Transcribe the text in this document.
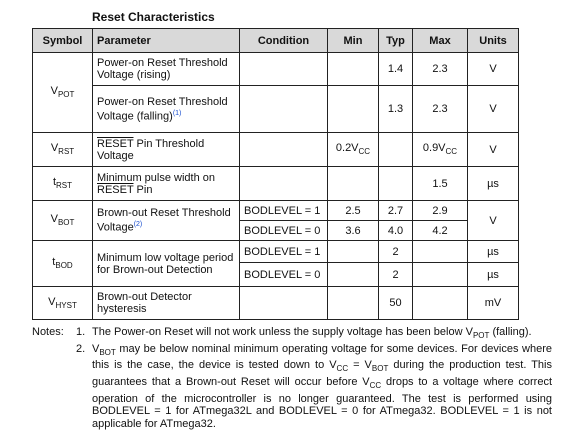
Reset Characteristics
Symbol	Parameter	Condition	Min	Typ	Max	Units
$V_{POT}$	Power-on Reset Threshold Voltage (rising)			1.4	2.3	V
	Power-on Reset Threshold Voltage (falling)$^{(1)}$			1.3	2.3	V
$V_{RST}$	RESET Pin Threshold Voltage		$0.2V_{CC}$		$0.9V_{CC}$	V
$t_{RST}$	Minimum pulse width on RESET Pin				1.5	µs
$V_{BOT}$	Brown-out Reset Threshold Voltage$^{(2)}$	BODLEVEL = 1	2.5	2.7	2.9	V
		BODLEVEL = 0	3.6	4.0	4.2	
$t_{BOD}$	Minimum low voltage period for Brown-out Detection	BODLEVEL = 1		2		µs
		BODLEVEL = 0		2		µs
$V_{HYST}$	Brown-out Detector hysteresis			50		mV
Notes:	1. The Power-on Reset will not work unless the supply voltage has been below $V_{POT}$ (falling).
2. $V_{BOT}$ may be below nominal minimum operating voltage for some devices. For devices where this is the case, the device is tested down to $V_{CC} = V_{BOT}$ during the production test. This guarantees that a Brown-out Reset will occur before $V_{CC}$ drops to a voltage where correct operation of the microcontroller is no longer guaranteed. The test is performed using BODLEVEL = 1 for ATmega32L and BODLEVEL = 0 for ATmega32. BODLEVEL = 1 is not applicable for ATmega32.
